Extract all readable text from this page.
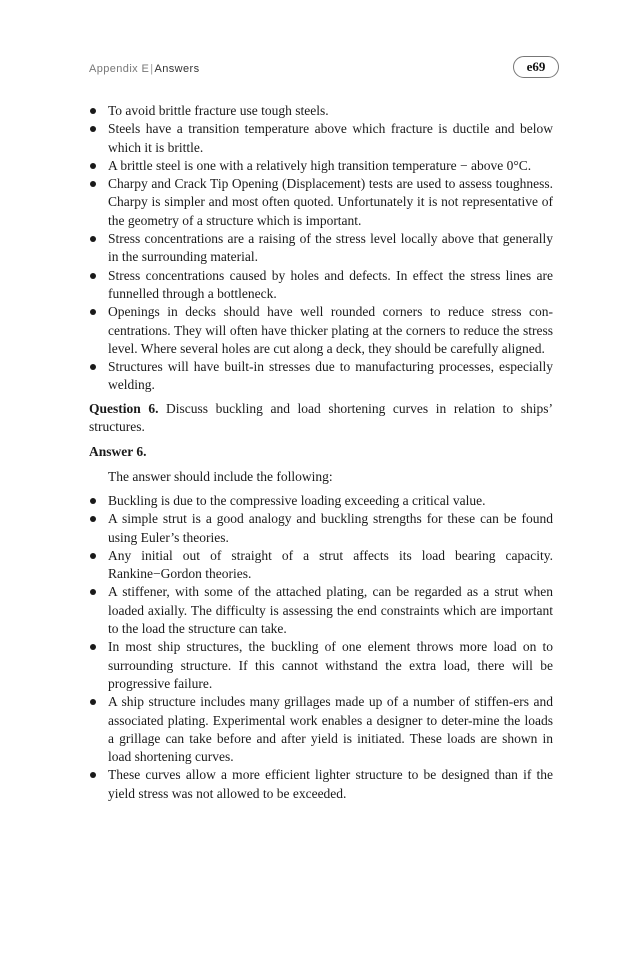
Appendix E|Answers	e69
To avoid brittle fracture use tough steels.
Steels have a transition temperature above which fracture is ductile and below which it is brittle.
A brittle steel is one with a relatively high transition temperature − above 0°C.
Charpy and Crack Tip Opening (Displacement) tests are used to assess toughness. Charpy is simpler and most often quoted. Unfortunately it is not representative of the geometry of a structure which is important.
Stress concentrations are a raising of the stress level locally above that generally in the surrounding material.
Stress concentrations caused by holes and defects. In effect the stress lines are funnelled through a bottleneck.
Openings in decks should have well rounded corners to reduce stress con-centrations. They will often have thicker plating at the corners to reduce the stress level. Where several holes are cut along a deck, they should be carefully aligned.
Structures will have built-in stresses due to manufacturing processes, especially welding.

Question 6. Discuss buckling and load shortening curves in relation to ships’ structures.

Answer 6.

The answer should include the following:

Buckling is due to the compressive loading exceeding a critical value.
A simple strut is a good analogy and buckling strengths for these can be found using Euler’s theories.
Any initial out of straight of a strut affects its load bearing capacity. Rankine−Gordon theories.
A stiffener, with some of the attached plating, can be regarded as a strut when loaded axially. The difficulty is assessing the end constraints which are important to the load the structure can take.
In most ship structures, the buckling of one element throws more load on to surrounding structure. If this cannot withstand the extra load, there will be progressive failure.
A ship structure includes many grillages made up of a number of stiffen-ers and associated plating. Experimental work enables a designer to deter-mine the loads a grillage can take before and after yield is initiated. These loads are shown in load shortening curves.
These curves allow a more efficient lighter structure to be designed than if the yield stress was not allowed to be exceeded.
